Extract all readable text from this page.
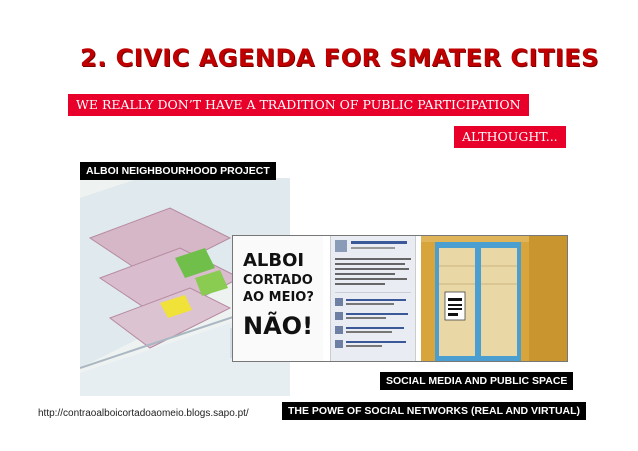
2. CIVIC AGENDA FOR SMATER CITIES
WE REALLY DON’T HAVE A TRADITION OF PUBLIC PARTICIPATION
ALTHOUGHT...
ALBOI NEIGHBOURHOOD PROJECT
ALBOI
CORTADO
AO MEIO?
NÃO!
SOCIAL MEDIA AND PUBLIC SPACE
THE POWE OF SOCIAL NETWORKS (REAL AND VIRTUAL)
http://contraoalboicortadoaomeio.blogs.sapo.pt/
